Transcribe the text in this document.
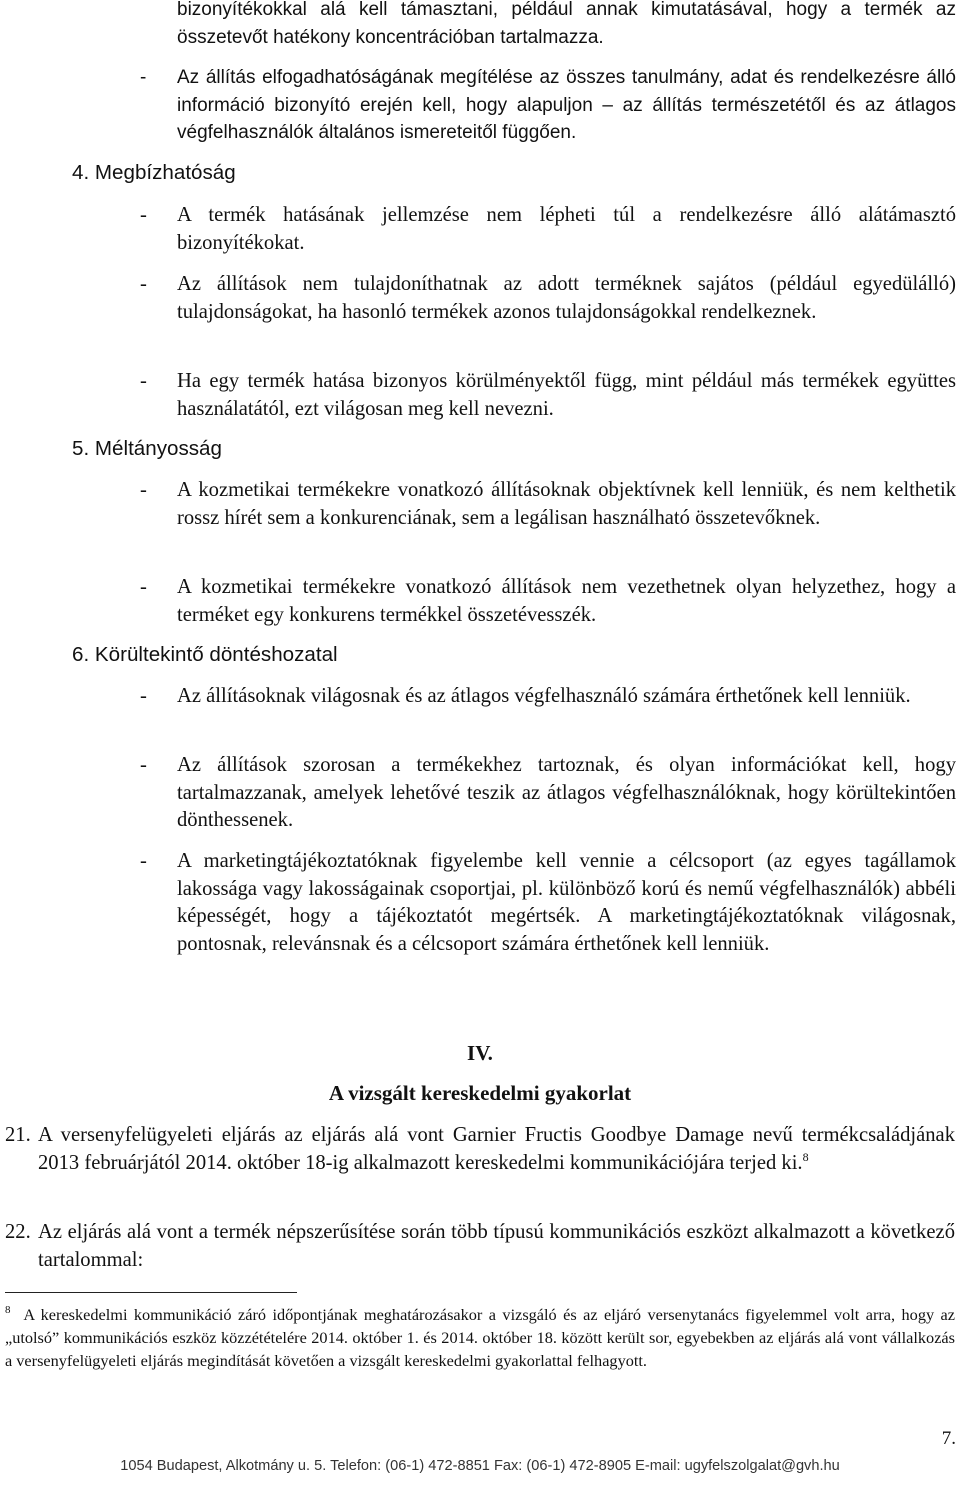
bizonyítékokkal alá kell támasztani, például annak kimutatásával, hogy a termék az összetevőt hatékony koncentrációban tartalmazza.
- Az állítás elfogadhatóságának megítélése az összes tanulmány, adat és rendelkezésre álló információ bizonyító erején kell, hogy alapuljon – az állítás természetétől és az átlagos végfelhasználók általános ismereteitől függően.
4. Megbízhatóság
- A termék hatásának jellemzése nem lépheti túl a rendelkezésre álló alátámasztó bizonyítékokat.
- Az állítások nem tulajdoníthatnak az adott terméknek sajátos (például egyedülálló) tulajdonságokat, ha hasonló termékek azonos tulajdonságokkal rendelkeznek.
- Ha egy termék hatása bizonyos körülményektől függ, mint például más termékek együttes használatától, ezt világosan meg kell nevezni.
5. Méltányosság
- A kozmetikai termékekre vonatkozó állításoknak objektívnek kell lenniük, és nem kelthetik rossz hírét sem a konkurenciának, sem a legálisan használható összetevőknek.
- A kozmetikai termékekre vonatkozó állítások nem vezethetnek olyan helyzethez, hogy a terméket egy konkurens termékkel összetévesszék.
6. Körültekintő döntéshozatal
- Az állításoknak világosnak és az átlagos végfelhasználó számára érthetőnek kell lenniük.
- Az állítások szorosan a termékekhez tartoznak, és olyan információkat kell, hogy tartalmazzanak, amelyek lehetővé teszik az átlagos végfelhasználóknak, hogy körültekintően dönthessenek.
- A marketingtájékoztatóknak figyelembe kell vennie a célcsoport (az egyes tagállamok lakossága vagy lakosságainak csoportjai, pl. különböző korú és nemű végfelhasználók) abbéli képességét, hogy a tájékoztatót megértsék. A marketingtájékoztatóknak világosnak, pontosnak, relevánsnak és a célcsoport számára érthetőnek kell lenniük.
IV.
A vizsgált kereskedelmi gyakorlat
21. A versenyfelügyeleti eljárás az eljárás alá vont Garnier Fructis Goodbye Damage nevű termékcsaládjának 2013 februárjától 2014. október 18-ig alkalmazott kereskedelmi kommunikációjára terjed ki.$^8$
22. Az eljárás alá vont a termék népszerűsítése során több típusú kommunikációs eszközt alkalmazott a következő tartalommal:
$^8$ A kereskedelmi kommunikáció záró időpontjának meghatározásakor a vizsgáló és az eljáró versenytanács figyelemmel volt arra, hogy az „utolsó” kommunikációs eszköz közzétételére 2014. október 1. és 2014. október 18. között került sor, egyebekben az eljárás alá vont vállalkozás a versenyfelügyeleti eljárás megindítását követően a vizsgált kereskedelmi gyakorlattal felhagyott.
7.
1054 Budapest, Alkotmány u. 5. Telefon: (06-1) 472-8851 Fax: (06-1) 472-8905 E-mail: ugyfelszolgalat@gvh.hu
